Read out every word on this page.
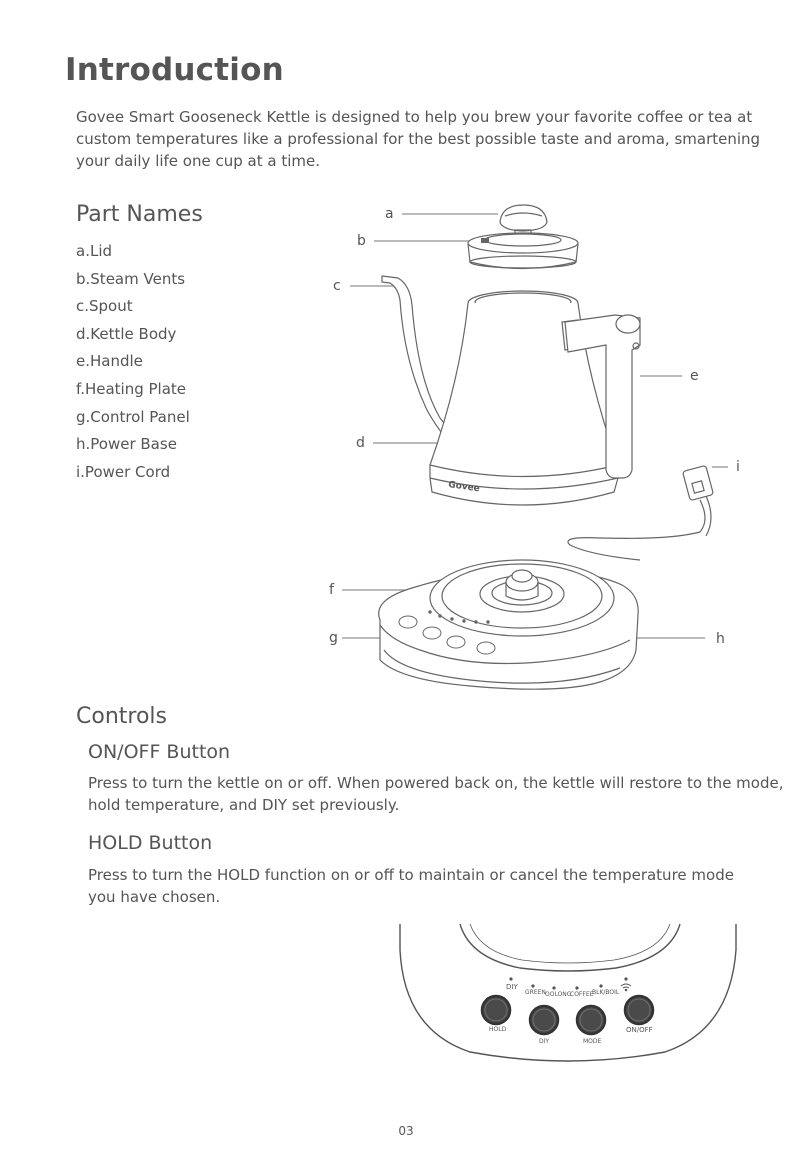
Introduction
Govee Smart Gooseneck Kettle is designed to help you brew your favorite coffee or tea at
custom temperatures like a professional for the best possible taste and aroma, smartening
your daily life one cup at a time.
Part Names
a.Lid
b.Steam Vents
c.Spout
d.Kettle Body
e.Handle
f.Heating Plate
g.Control Panel
h.Power Base
i.Power Cord
a
b
c
d
e
f
g	h
i
Govee
Controls
ON/OFF Button
Press to turn the kettle on or off. When powered back on, the kettle will restore to the mode,
hold temperature, and DIY set previously.
HOLD Button
Press to turn the HOLD function on or off to maintain or cancel the temperature mode
you have chosen.
DIY
GREEN OOLONG
COFFEE
BLK/BOIL
HOLD
DIY	MODE
ON/OFF
03
